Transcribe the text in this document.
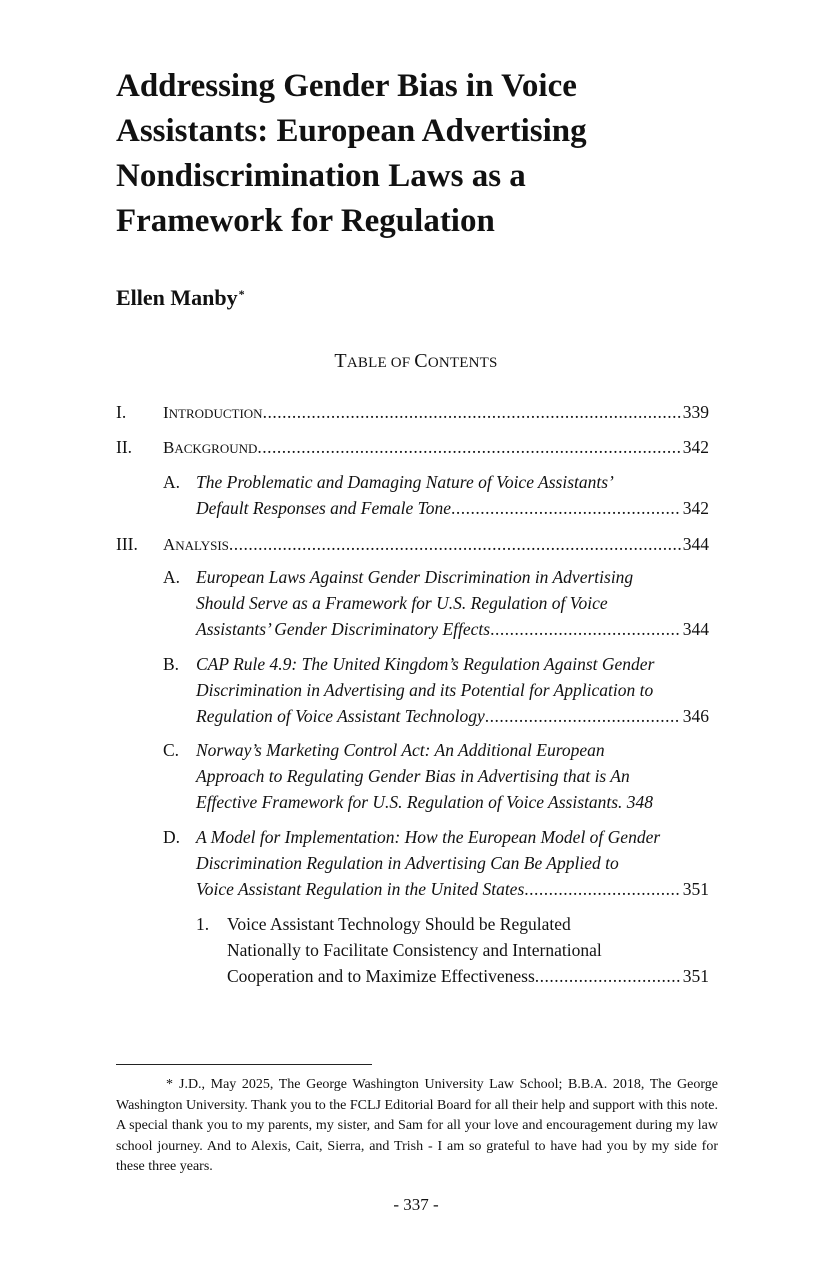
Addressing Gender Bias in Voice
Assistants: European Advertising
Nondiscrimination Laws as a
Framework for Regulation
Ellen Manby*
TABLE OF CONTENTS
I. INTRODUCTION .....	339
II. BACKGROUND .....	342
A. The Problematic and Damaging Nature of Voice Assistants’
Default Responses and Female Tone .....	342
III. ANALYSIS .....	344
A. European Laws Against Gender Discrimination in Advertising
Should Serve as a Framework for U.S. Regulation of Voice
Assistants’ Gender Discriminatory Effects .....	344
B. CAP Rule 4.9: The United Kingdom’s Regulation Against Gender
Discrimination in Advertising and its Potential for Application to
Regulation of Voice Assistant Technology .....	346
C. Norway’s Marketing Control Act: An Additional European
Approach to Regulating Gender Bias in Advertising that is An
Effective Framework for U.S. Regulation of Voice Assistants. 348
D. A Model for Implementation: How the European Model of Gender
Discrimination Regulation in Advertising Can Be Applied to
Voice Assistant Regulation in the United States .....	351
1. Voice Assistant Technology Should be Regulated
Nationally to Facilitate Consistency and International
Cooperation and to Maximize Effectiveness .....	351
* J.D., May 2025, The George Washington University Law School; B.B.A. 2018, The George Washington University. Thank you to the FCLJ Editorial Board for all their help and support with this note. A special thank you to my parents, my sister, and Sam for all your love and encouragement during my law school journey. And to Alexis, Cait, Sierra, and Trish - I am so grateful to have had you by my side for these three years.
- 337 -
